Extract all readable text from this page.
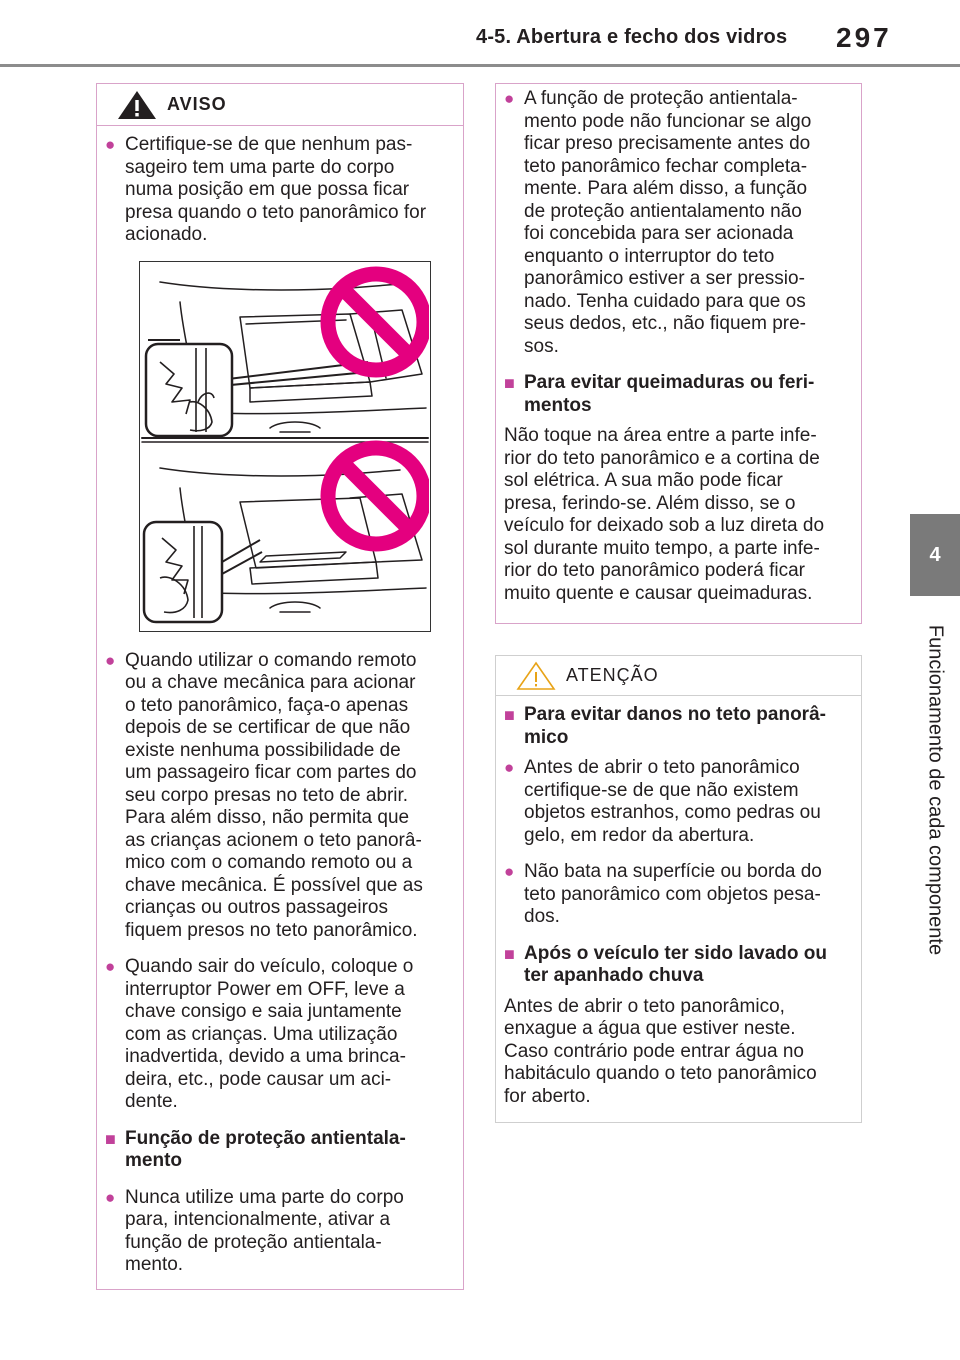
4-5. Abertura e fecho dos vidros 297
4
Funcionamento de cada componente
AVISO
● Certifique-se de que nenhum pas-
sageiro tem uma parte do corpo
numa posição em que possa ficar
presa quando o teto panorâmico for
acionado.
● Quando utilizar o comando remoto
ou a chave mecânica para acionar
o teto panorâmico, faça-o apenas
depois de se certificar de que não
existe nenhuma possibilidade de
um passageiro ficar com partes do
seu corpo presas no teto de abrir.
Para além disso, não permita que
as crianças acionem o teto panorâ-
mico com o comando remoto ou a
chave mecânica. É possível que as
crianças ou outros passageiros
fiquem presos no teto panorâmico.
● Quando sair do veículo, coloque o
interruptor Power em OFF, leve a
chave consigo e saia juntamente
com as crianças. Uma utilização
inadvertida, devido a uma brinca-
deira, etc., pode causar um aci-
dente.
■ Função de proteção antientala-
mento
● Nunca utilize uma parte do corpo
para, intencionalmente, ativar a
função de proteção antientala-
mento.
● A função de proteção antientala-
mento pode não funcionar se algo
ficar preso precisamente antes do
teto panorâmico fechar completa-
mente. Para além disso, a função
de proteção antientalamento não
foi concebida para ser acionada
enquanto o interruptor do teto
panorâmico estiver a ser pressio-
nado. Tenha cuidado para que os
seus dedos, etc., não fiquem pre-
sos.
■ Para evitar queimaduras ou feri-
mentos
Não toque na área entre a parte infe-
rior do teto panorâmico e a cortina de
sol elétrica. A sua mão pode ficar
presa, ferindo-se. Além disso, se o
veículo for deixado sob a luz direta do
sol durante muito tempo, a parte infe-
rior do teto panorâmico poderá ficar
muito quente e causar queimaduras.
ATENÇÃO
■ Para evitar danos no teto panorâ-
mico
● Antes de abrir o teto panorâmico
certifique-se de que não existem
objetos estranhos, como pedras ou
gelo, em redor da abertura.
● Não bata na superfície ou borda do
teto panorâmico com objetos pesa-
dos.
■ Após o veículo ter sido lavado ou
ter apanhado chuva
Antes de abrir o teto panorâmico,
enxague a água que estiver neste.
Caso contrário pode entrar água no
habitáculo quando o teto panorâmico
for aberto.
